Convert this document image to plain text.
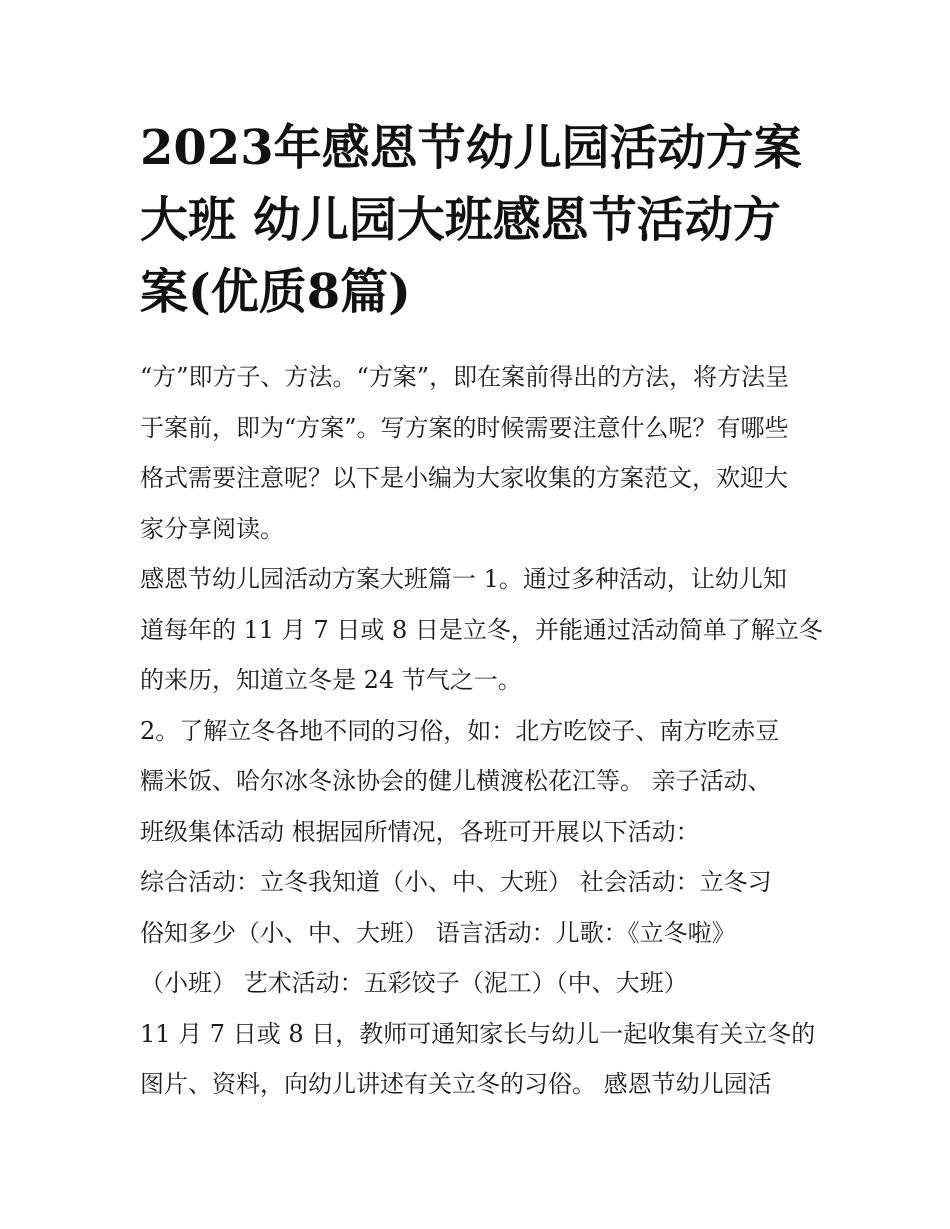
2023年感恩节幼儿园活动方案
大班 幼儿园大班感恩节活动方
案(优质8篇)
“方”即方子、方法。“方案”，即在案前得出的方法，将方法呈
于案前，即为“方案”。写方案的时候需要注意什么呢？有哪些
格式需要注意呢？以下是小编为大家收集的方案范文，欢迎大
家分享阅读。
感恩节幼儿园活动方案大班篇一 1。通过多种活动，让幼儿知
道每年的 11 月 7 日或 8 日是立冬，并能通过活动简单了解立冬
的来历，知道立冬是 24 节气之一。
2。了解立冬各地不同的习俗，如：北方吃饺子、南方吃赤豆
糯米饭、哈尔冰冬泳协会的健儿横渡松花江等。 亲子活动、
班级集体活动 根据园所情况，各班可开展以下活动：
综合活动：立冬我知道（小、中、大班） 社会活动：立冬习
俗知多少（小、中、大班） 语言活动：儿歌：《立冬啦》
（小班） 艺术活动：五彩饺子（泥工）（中、大班）
11 月 7 日或 8 日，教师可通知家长与幼儿一起收集有关立冬的
图片、资料，向幼儿讲述有关立冬的习俗。 感恩节幼儿园活
